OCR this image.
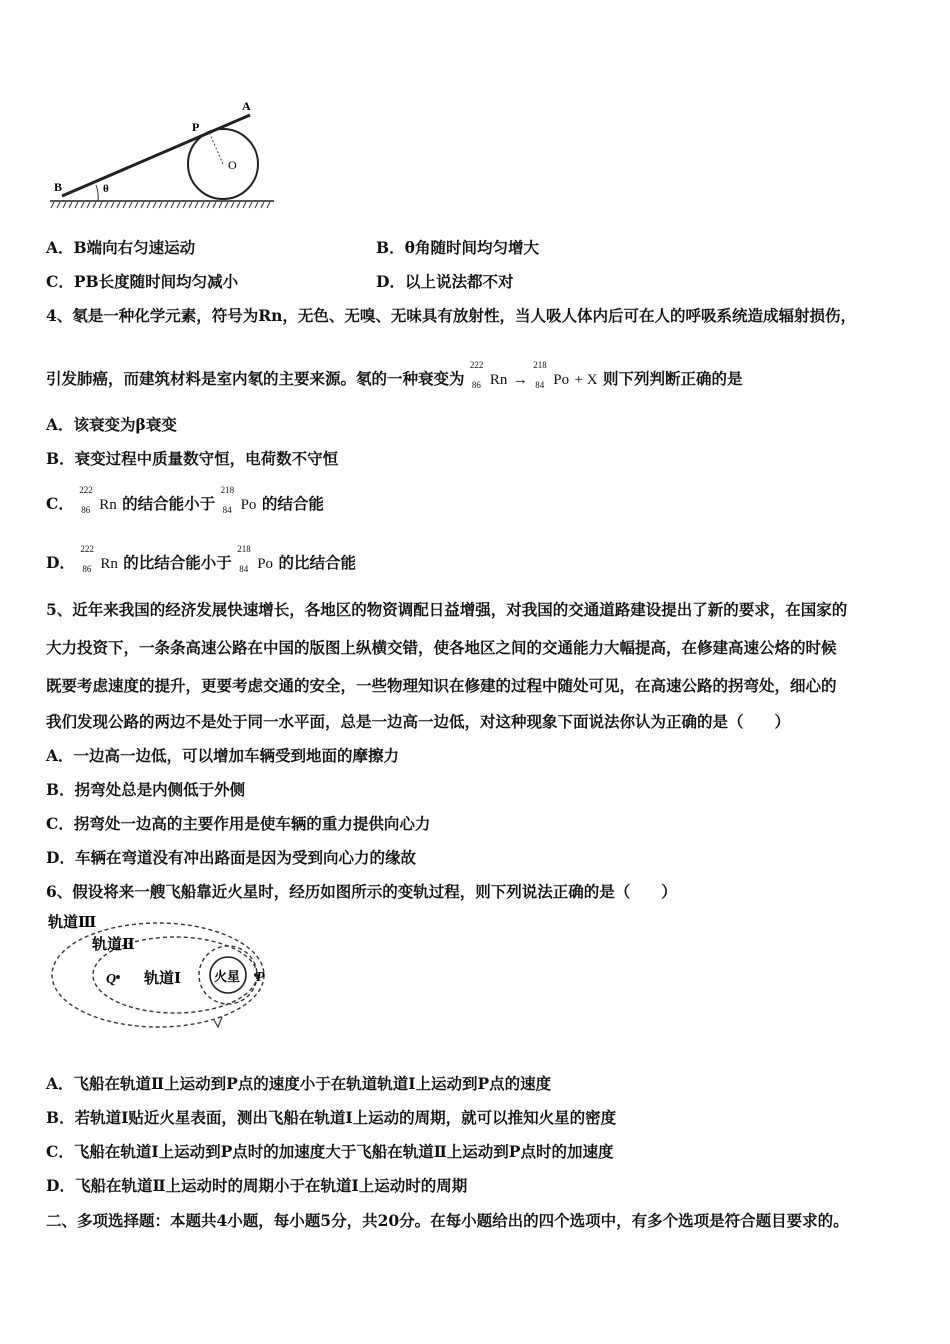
A
P
O
B	θ
A．B端向右匀速运动	B．θ角随时间均匀增大
C．PB长度随时间均匀减小	D．以上说法都不对
4、氡是一种化学元素，符号为Rn，无色、无嗅、无味具有放射性，当人吸人体内后可在人的呼吸系统造成辐射损伤，
引发肺癌，而建筑材料是室内氡的主要来源。氡的一种衰变为
222
86 Rn →
218
84 Po + X 则下列判断正确的是
A．该衰变为β衰变
B．衰变过程中质量数守恒，电荷数不守恒
C．
222
86 Rn 的结合能小于
218
84 Po 的结合能
D．
222
86 Rn 的比结合能小于
218
84 Po 的比结合能
5、近年来我国的经济发展快速增长，各地区的物资调配日益增强，对我国的交通道路建设提出了新的要求，在国家的
大力投资下，一条条高速公路在中国的版图上纵横交错，使各地区之间的交通能力大幅提高，在修建高速公烙的时候
既要考虑速度的提升，更要考虑交通的安全，一些物理知识在修建的过程中随处可见，在高速公路的拐弯处，细心的
我们发现公路的两边不是处于同一水平面，总是一边高一边低，对这种现象下面说法你认为正确的是（　　）
A．一边高一边低，可以增加车辆受到地面的摩擦力
B．拐弯处总是内侧低于外侧
C．拐弯处一边高的主要作用是使车辆的重力提供向心力
D．车辆在弯道没有冲出路面是因为受到向心力的缘故
6、假设将来一艘飞船靠近火星时，经历如图所示的变轨过程，则下列说法正确的是（　　）
轨道Ⅲ
轨道Ⅱ
轨道Ⅰ
Q	P
火星
A．飞船在轨道Ⅱ上运动到P点的速度小于在轨道轨道Ⅰ上运动到P点的速度
B．若轨道I贴近火星表面，测出飞船在轨道I上运动的周期，就可以推知火星的密度
C．飞船在轨道I上运动到P点时的加速度大于飞船在轨道Ⅱ上运动到P点时的加速度
D．飞船在轨道Ⅱ上运动时的周期小于在轨道I上运动时的周期
二、多项选择题：本题共4小题，每小题5分，共20分。在每小题给出的四个选项中，有多个选项是符合题目要求的。
